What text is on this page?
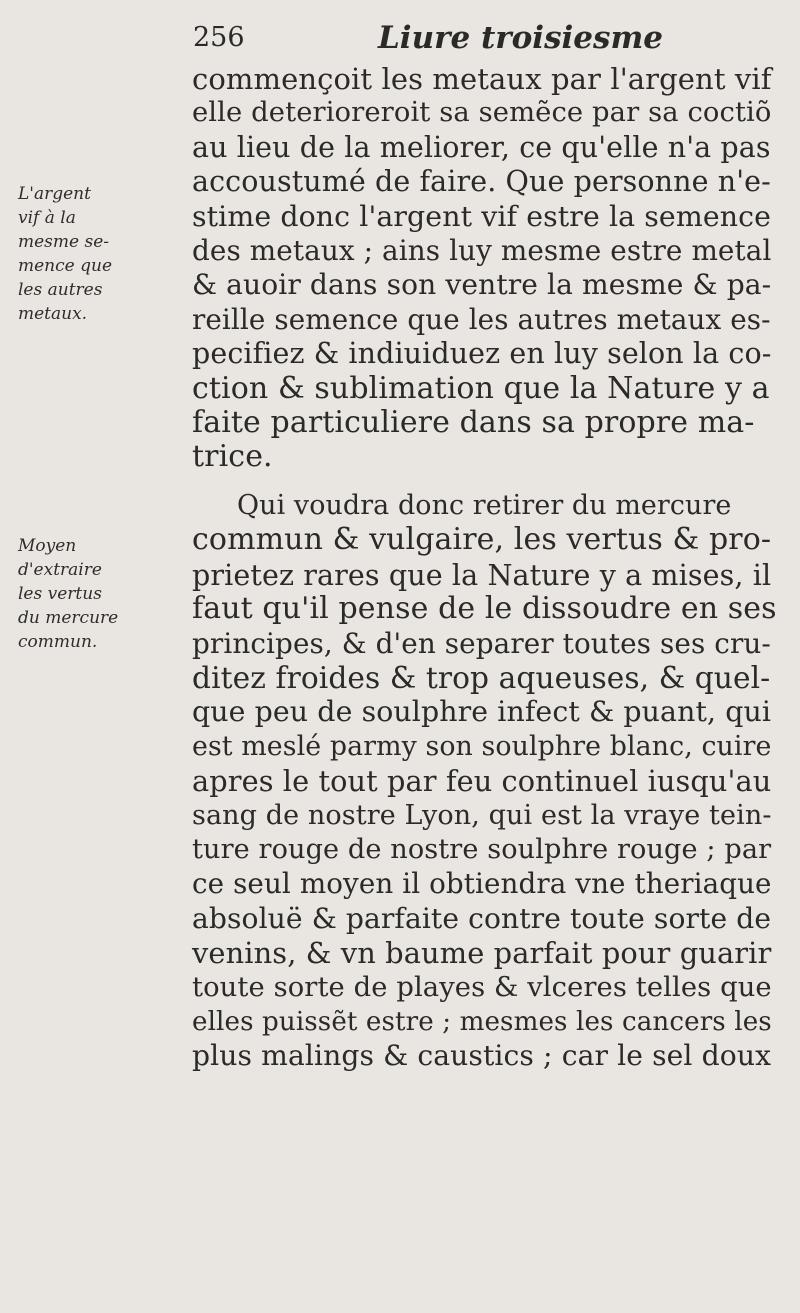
256	Liure troisiesme
L'argent
vif à la
mesme se-
mence que
les autres
metaux.
Moyen
d'extraire
les vertus
du mercure
commun.
commençoit les metaux par l'argent vif
elle deterioreroit sa semẽce par sa coctiõ
au lieu de la meliorer, ce qu'elle n'a pas
accoustumé de faire. Que personne n'e-
stime donc l'argent vif estre la semence
des metaux ; ains luy mesme estre metal
& auoir dans son ventre la mesme & pa-
reille semence que les autres metaux es-
pecifiez & indiuiduez en luy selon la co-
ction & sublimation que la Nature y a
faite particuliere dans sa propre ma-
trice.
Qui voudra donc retirer du mercure
commun & vulgaire, les vertus & pro-
prietez rares que la Nature y a mises, il
faut qu'il pense de le dissoudre en ses
principes, & d'en separer toutes ses cru-
ditez froides & trop aqueuses, & quel-
que peu de soulphre infect & puant, qui
est meslé parmy son soulphre blanc, cuire
apres le tout par feu continuel iusqu'au
sang de nostre Lyon, qui est la vraye tein-
ture rouge de nostre soulphre rouge ; par
ce seul moyen il obtiendra vne theriaque
absoluë & parfaite contre toute sorte de
venins, & vn baume parfait pour guarir
toute sorte de playes & vlceres telles que
elles puissẽt estre ; mesmes les cancers les
plus malings & caustics ; car le sel doux
